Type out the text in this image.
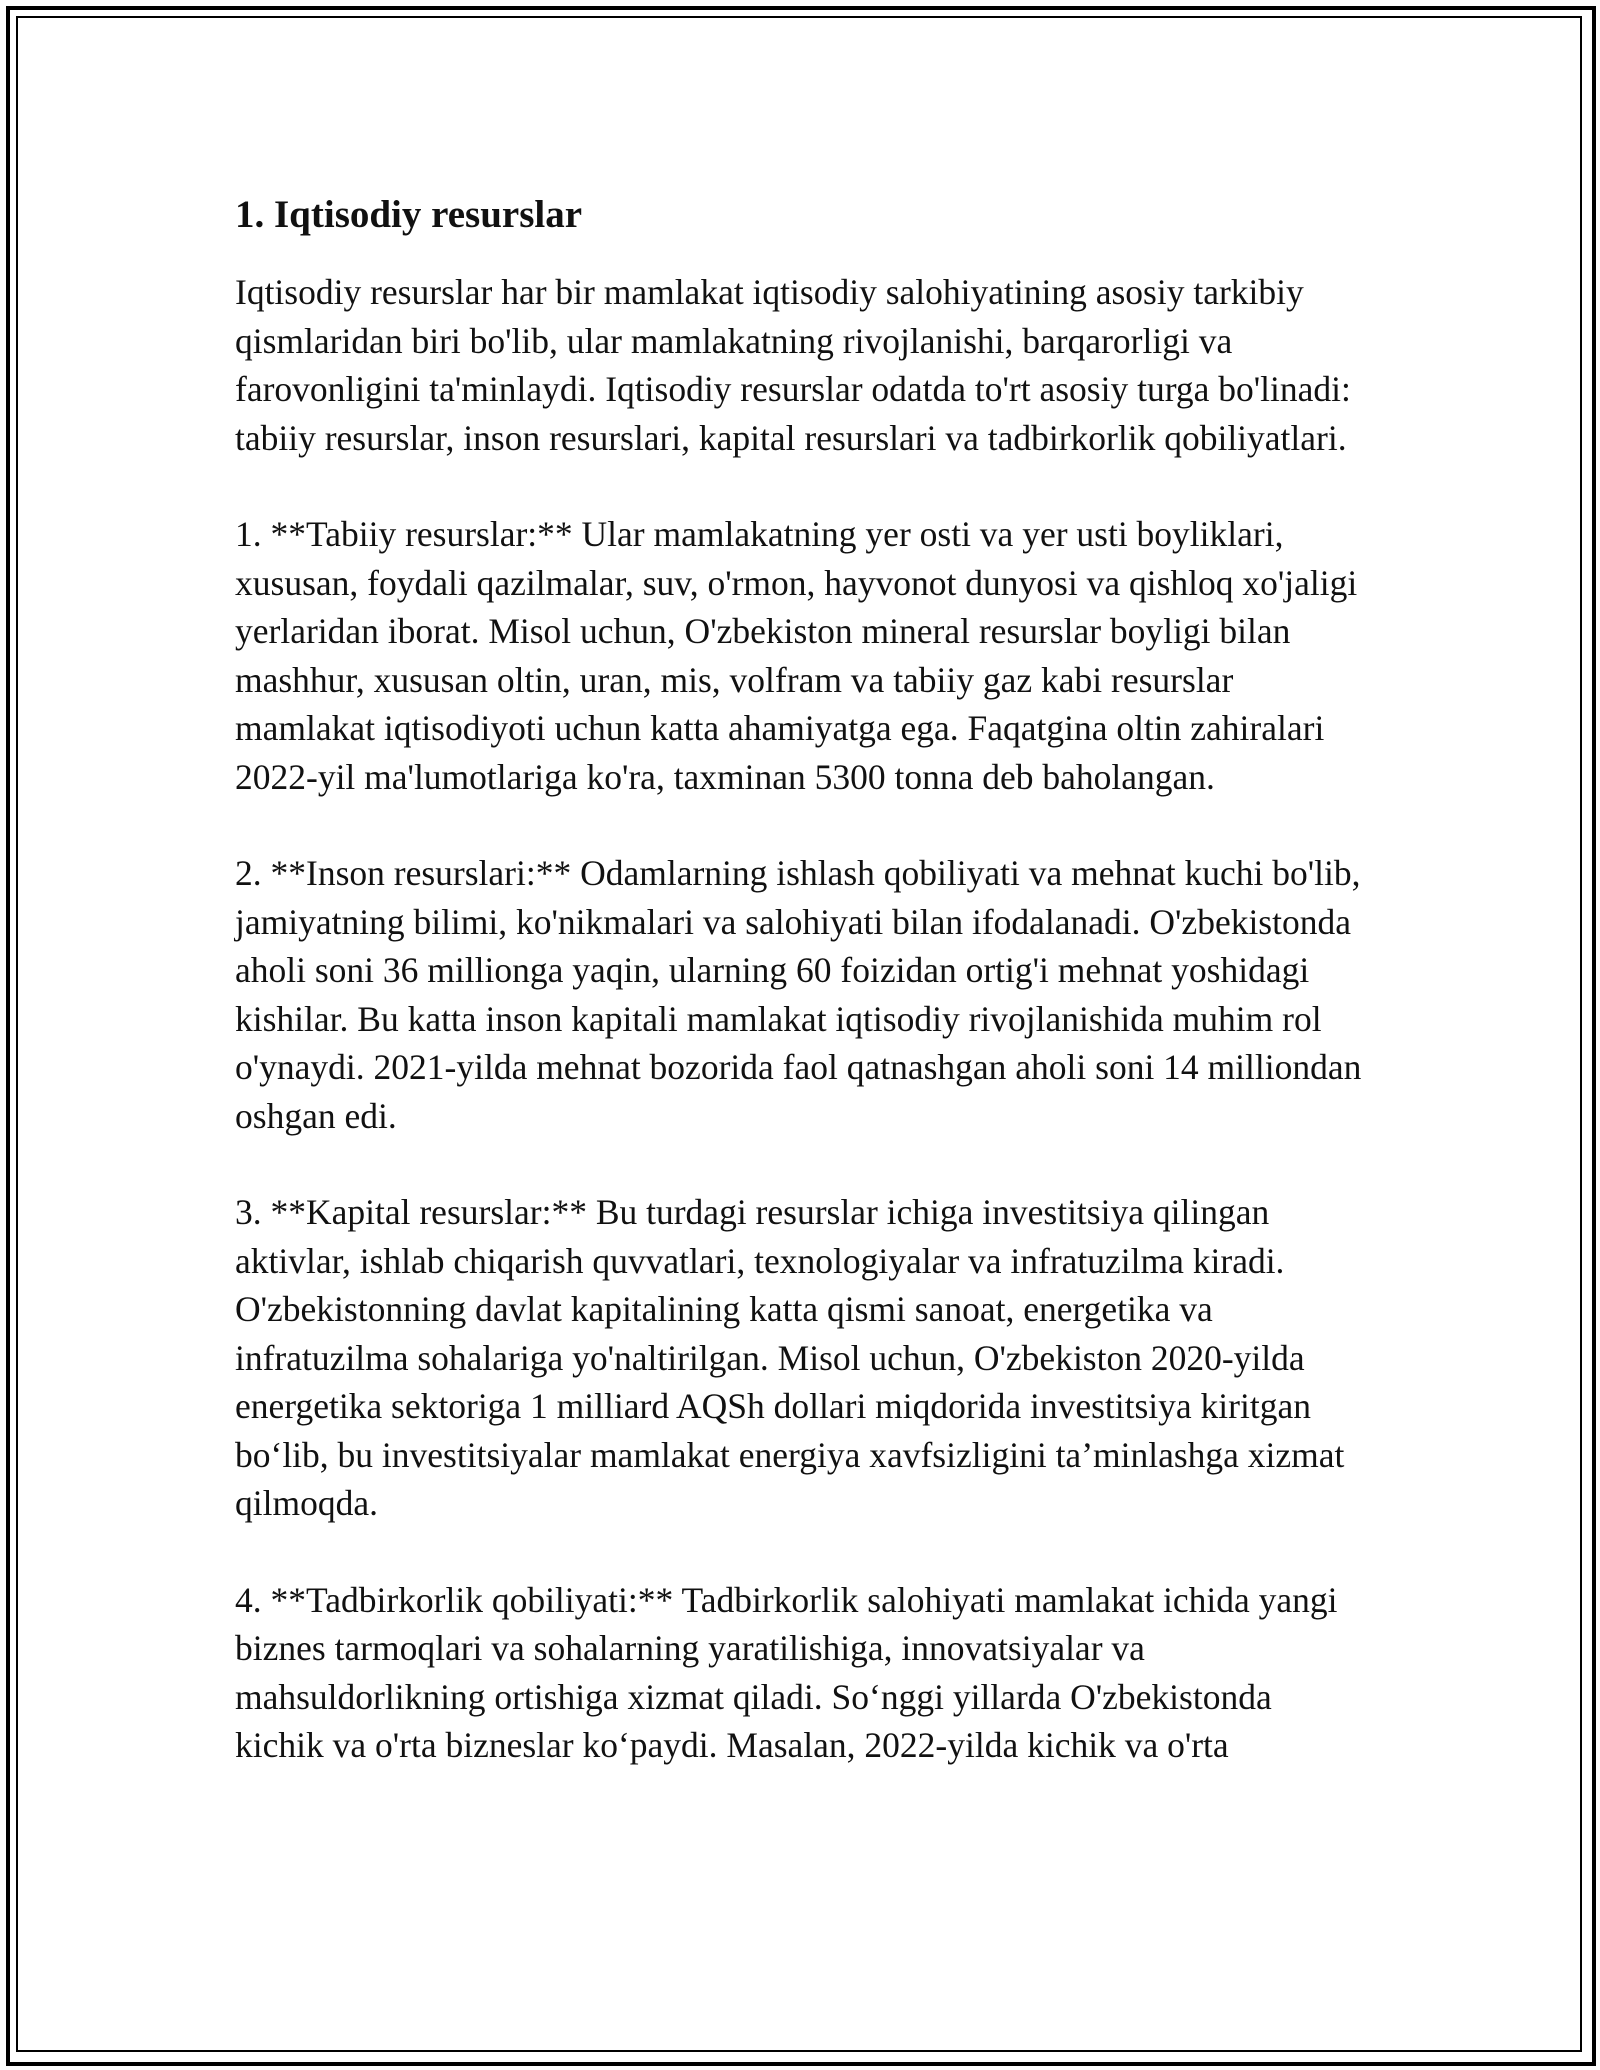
1. Iqtisodiy resurslar

Iqtisodiy resurslar har bir mamlakat iqtisodiy salohiyatining asosiy tarkibiy qismlaridan biri bo'lib, ular mamlakatning rivojlanishi, barqarorligi va farovonligini ta'minlaydi. Iqtisodiy resurslar odatda to'rt asosiy turga bo'linadi: tabiiy resurslar, inson resurslari, kapital resurslari va tadbirkorlik qobiliyatlari.

1. **Tabiiy resurslar:** Ular mamlakatning yer osti va yer usti boyliklari, xususan, foydali qazilmalar, suv, o'rmon, hayvonot dunyosi va qishloq xo'jaligi yerlaridan iborat. Misol uchun, O'zbekiston mineral resurslar boyligi bilan mashhur, xususan oltin, uran, mis, volfram va tabiiy gaz kabi resurslar mamlakat iqtisodiyoti uchun katta ahamiyatga ega. Faqatgina oltin zahiralari 2022-yil ma'lumotlariga ko'ra, taxminan 5300 tonna deb baholangan.

2. **Inson resurslari:** Odamlarning ishlash qobiliyati va mehnat kuchi bo'lib, jamiyatning bilimi, ko'nikmalari va salohiyati bilan ifodalanadi. O'zbekistonda aholi soni 36 millionga yaqin, ularning 60 foizidan ortig'i mehnat yoshidagi kishilar. Bu katta inson kapitali mamlakat iqtisodiy rivojlanishida muhim rol o'ynaydi. 2021-yilda mehnat bozorida faol qatnashgan aholi soni 14 milliondan oshgan edi.

3. **Kapital resurslar:** Bu turdagi resurslar ichiga investitsiya qilingan aktivlar, ishlab chiqarish quvvatlari, texnologiyalar va infratuzilma kiradi. O'zbekistonning davlat kapitalining katta qismi sanoat, energetika va infratuzilma sohalariga yo'naltirilgan. Misol uchun, O'zbekiston 2020-yilda energetika sektoriga 1 milliard AQSh dollari miqdorida investitsiya kiritgan bo‘lib, bu investitsiyalar mamlakat energiya xavfsizligini ta’minlashga xizmat qilmoqda.

4. **Tadbirkorlik qobiliyati:** Tadbirkorlik salohiyati mamlakat ichida yangi biznes tarmoqlari va sohalarning yaratilishiga, innovatsiyalar va mahsuldorlikning ortishiga xizmat qiladi. So‘nggi yillarda O'zbekistonda kichik va o'rta bizneslar ko‘paydi. Masalan, 2022-yilda kichik va o'rta
